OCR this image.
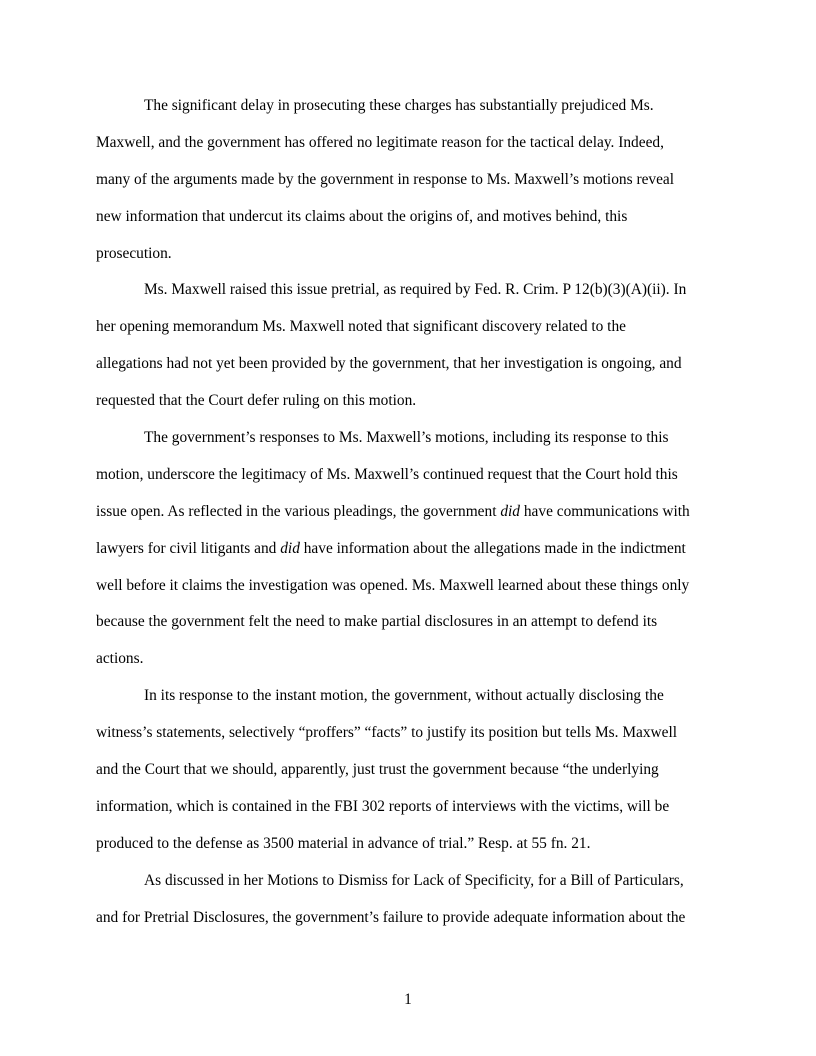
The significant delay in prosecuting these charges has substantially prejudiced Ms.
Maxwell, and the government has offered no legitimate reason for the tactical delay. Indeed,
many of the arguments made by the government in response to Ms. Maxwell’s motions reveal
new information that undercut its claims about the origins of, and motives behind, this
prosecution.
Ms. Maxwell raised this issue pretrial, as required by Fed. R. Crim. P 12(b)(3)(A)(ii). In
her opening memorandum Ms. Maxwell noted that significant discovery related to the
allegations had not yet been provided by the government, that her investigation is ongoing, and
requested that the Court defer ruling on this motion.
The government’s responses to Ms. Maxwell’s motions, including its response to this
motion, underscore the legitimacy of Ms. Maxwell’s continued request that the Court hold this
issue open. As reflected in the various pleadings, the government did have communications with
lawyers for civil litigants and did have information about the allegations made in the indictment
well before it claims the investigation was opened. Ms. Maxwell learned about these things only
because the government felt the need to make partial disclosures in an attempt to defend its
actions.
In its response to the instant motion, the government, without actually disclosing the
witness’s statements, selectively “proffers” “facts” to justify its position but tells Ms. Maxwell
and the Court that we should, apparently, just trust the government because “the underlying
information, which is contained in the FBI 302 reports of interviews with the victims, will be
produced to the defense as 3500 material in advance of trial.” Resp. at 55 fn. 21.
As discussed in her Motions to Dismiss for Lack of Specificity, for a Bill of Particulars,
and for Pretrial Disclosures, the government’s failure to provide adequate information about the
1
